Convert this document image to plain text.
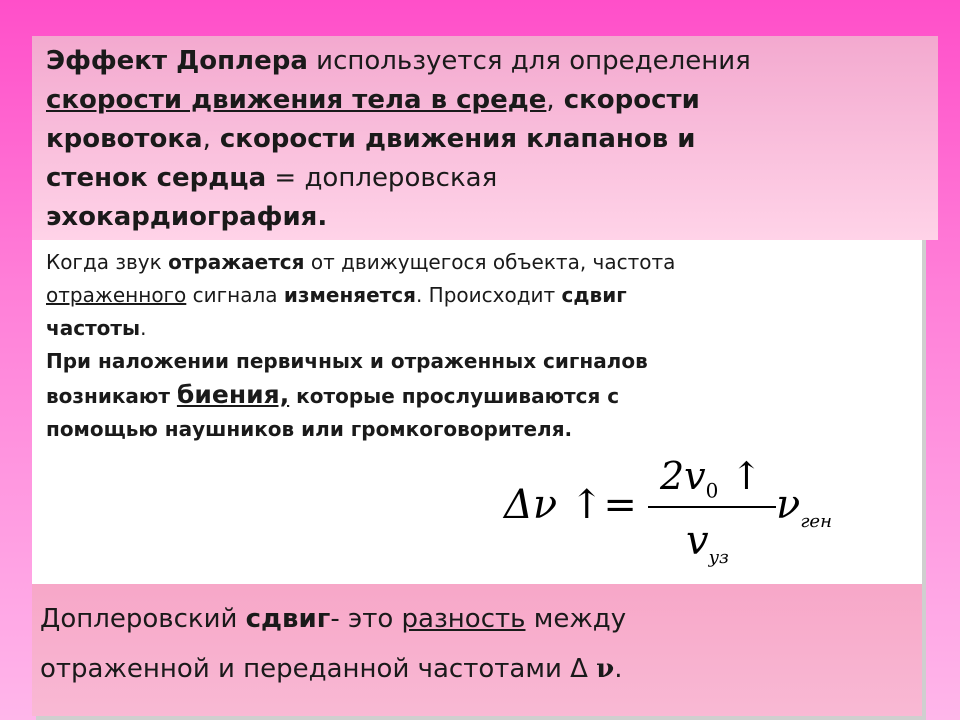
Эффект Доплера используется для определения
скорости движения тела в среде, скорости
кровотока, скорости движения клапанов и
стенок сердца = доплеровская
эхокардиография.
Когда звук отражается от движущегося объекта, частота
отраженного сигнала изменяется. Происходит сдвиг
частоты.
При наложении первичных и отраженных сигналов
возникают биения, которые прослушиваются с
помощью наушников или громкоговорителя.
Δν ↑=
$2v_0$ ↑
$v_{уз}$
$\nu_{ген}$
Доплеровский сдвиг- это разность между
отраженной и переданной частотами Δ ν.
